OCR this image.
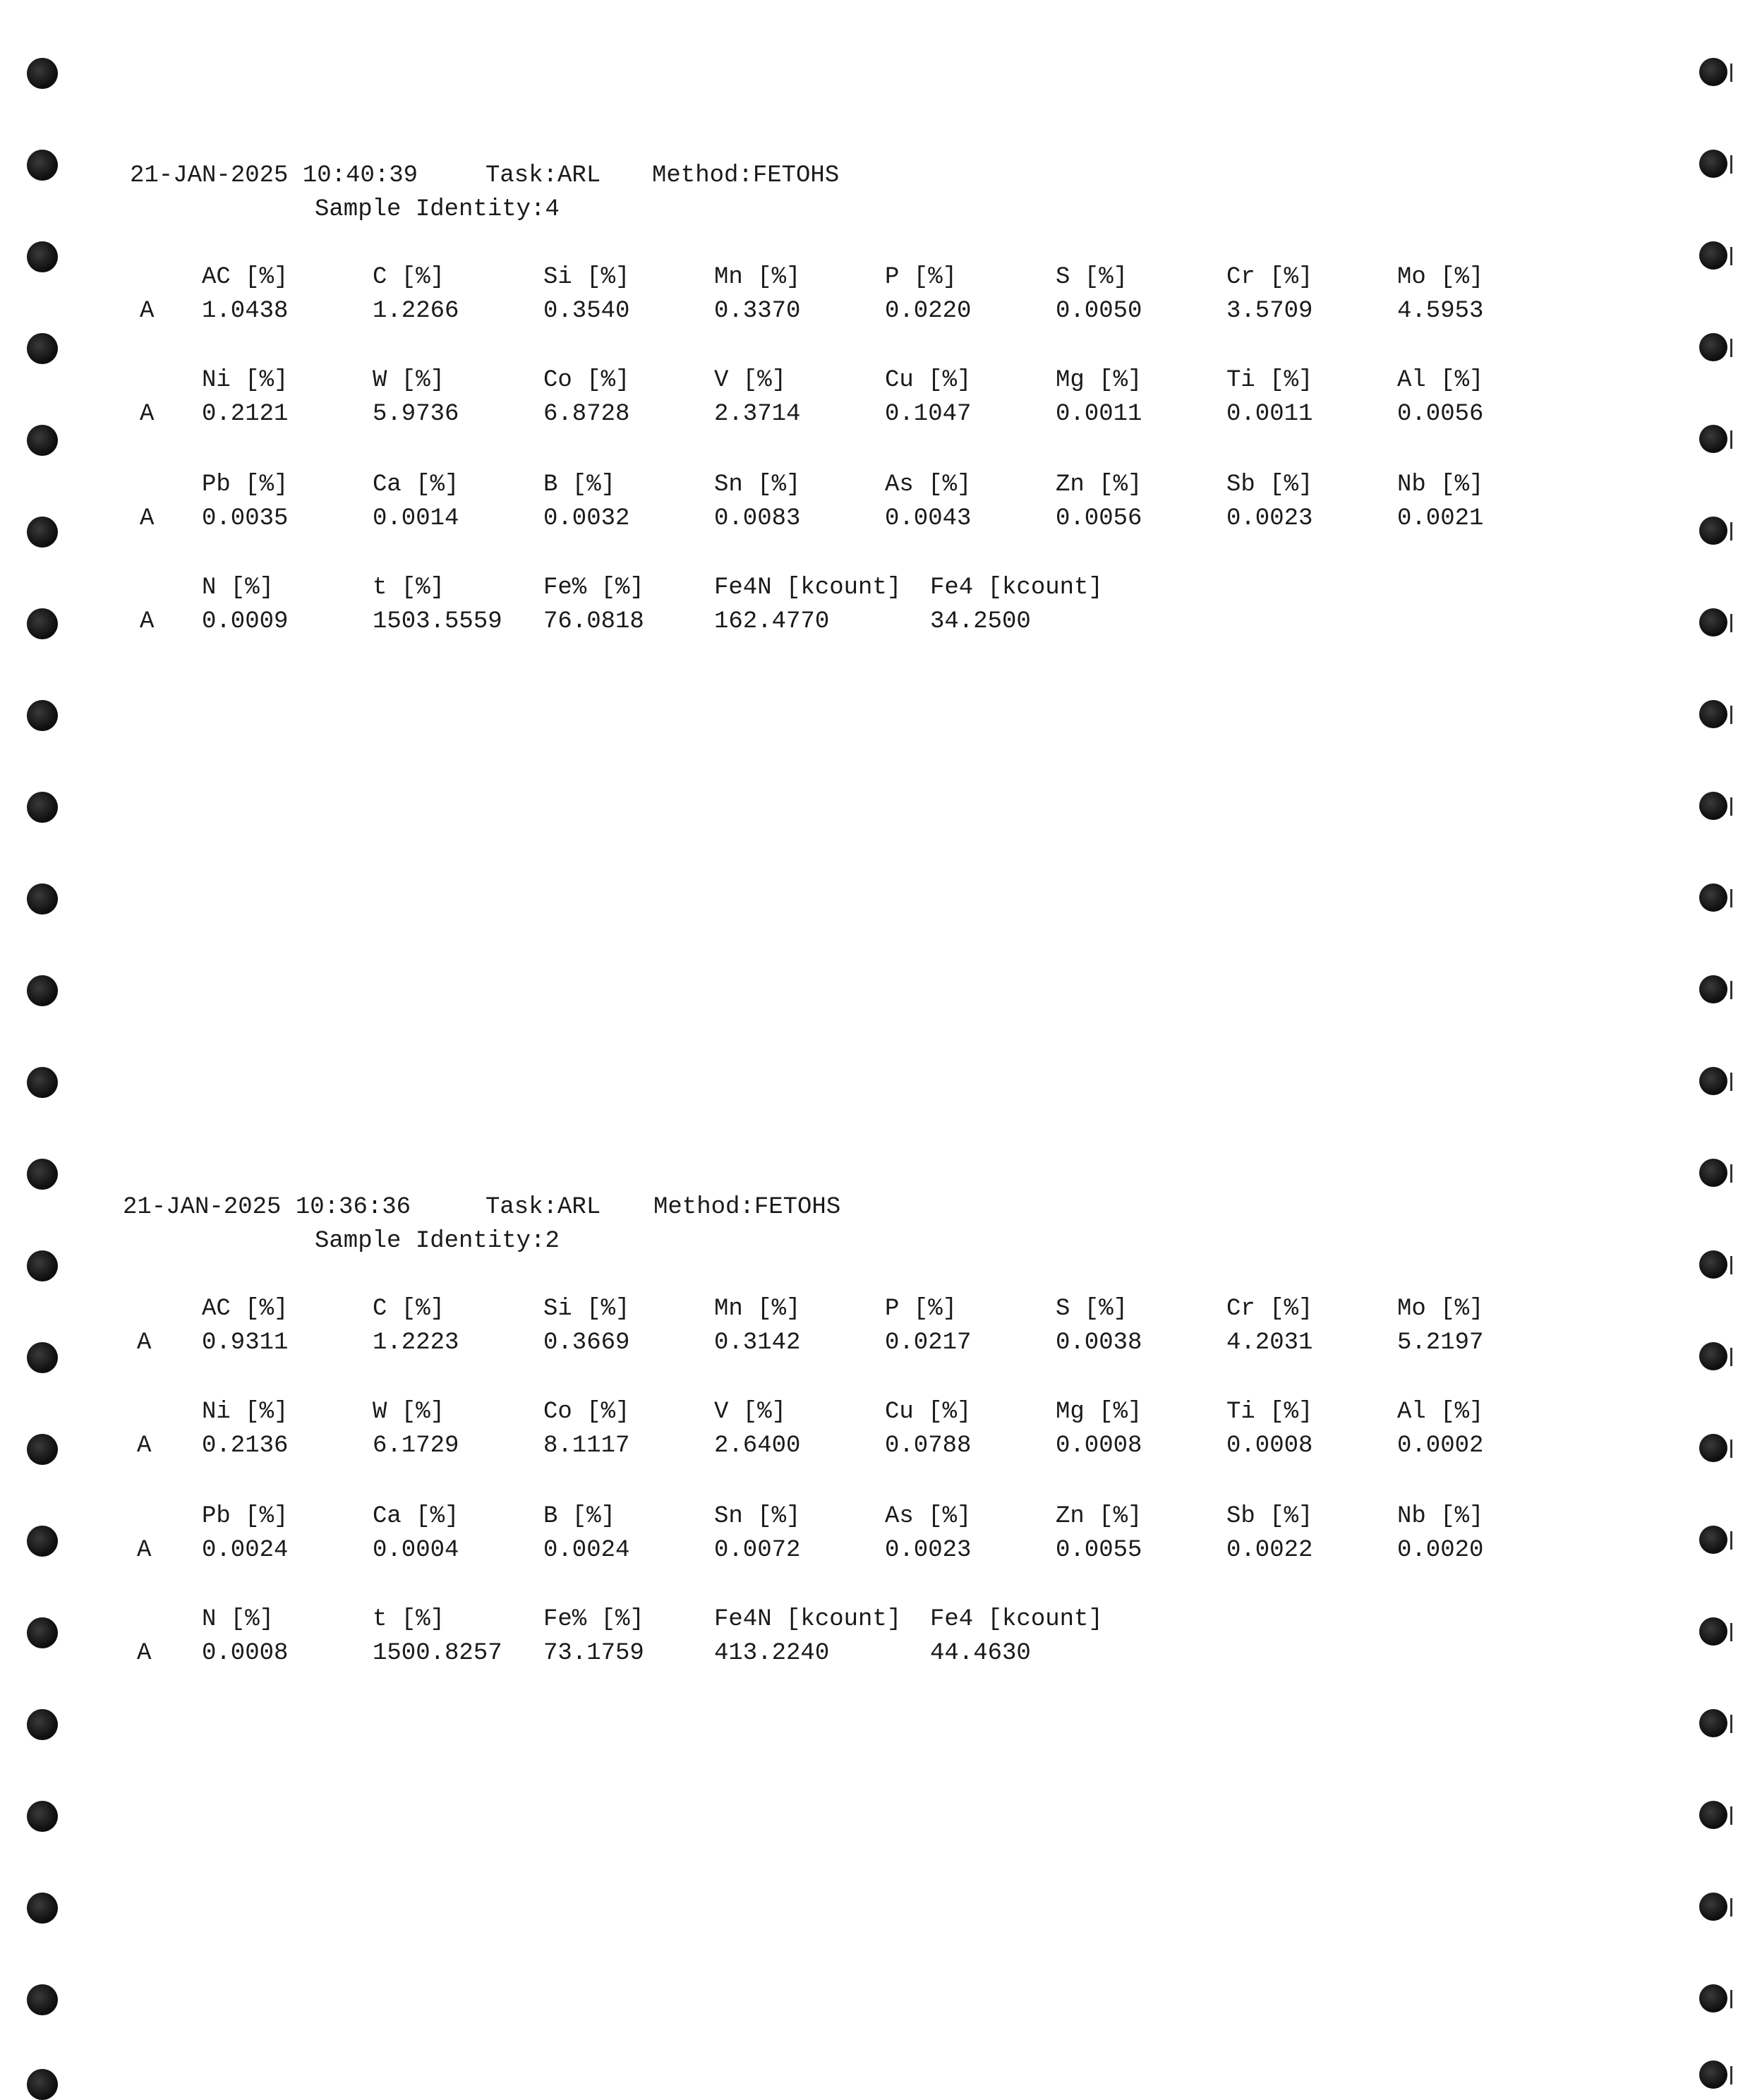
21-JAN-2025 10:40:39

	Task:ARL

Method:FETOHS

Sample Identity:4

A
AC [%]
1.0438
C [%]
1.2266
Si [%]
0.3540
Mn [%]
0.3370
P [%]
0.0220
S [%]
0.0050
Cr [%]
3.5709
Mo [%]
4.5953
A
Ni [%]
0.2121
W [%]
5.9736
Co [%]
6.8728
V [%]
2.3714
Cu [%]
0.1047
Mg [%]
0.0011
Ti [%]
0.0011
Al [%]
0.0056
A
Pb [%]
0.0035
Ca [%]
0.0014
B [%]
0.0032
Sn [%]
0.0083
As [%]
0.0043
Zn [%]
0.0056
Sb [%]
0.0023
Nb [%]
0.0021
A
N [%]
0.0009
t [%]
1503.5559
Fe% [%]
76.0818
Fe4N [kcount]
162.4770
Fe4 [kcount]
34.2500

21-JAN-2025 10:36:36

	Task:ARL

Method:FETOHS

Sample Identity:2

A
AC [%]
0.9311
C [%]
1.2223
Si [%]
0.3669
Mn [%]
0.3142
P [%]
0.0217
S [%]
0.0038
Cr [%]
4.2031
Mo [%]
5.2197
A
Ni [%]
0.2136
W [%]
6.1729
Co [%]
8.1117
V [%]
2.6400
Cu [%]
0.0788
Mg [%]
0.0008
Ti [%]
0.0008
Al [%]
0.0002
A
Pb [%]
0.0024
Ca [%]
0.0004
B [%]
0.0024
Sn [%]
0.0072
As [%]
0.0023
Zn [%]
0.0055
Sb [%]
0.0022
Nb [%]
0.0020
A
N [%]
0.0008
t [%]
1500.8257
Fe% [%]
73.1759
Fe4N [kcount]
413.2240
Fe4 [kcount]
44.4630
